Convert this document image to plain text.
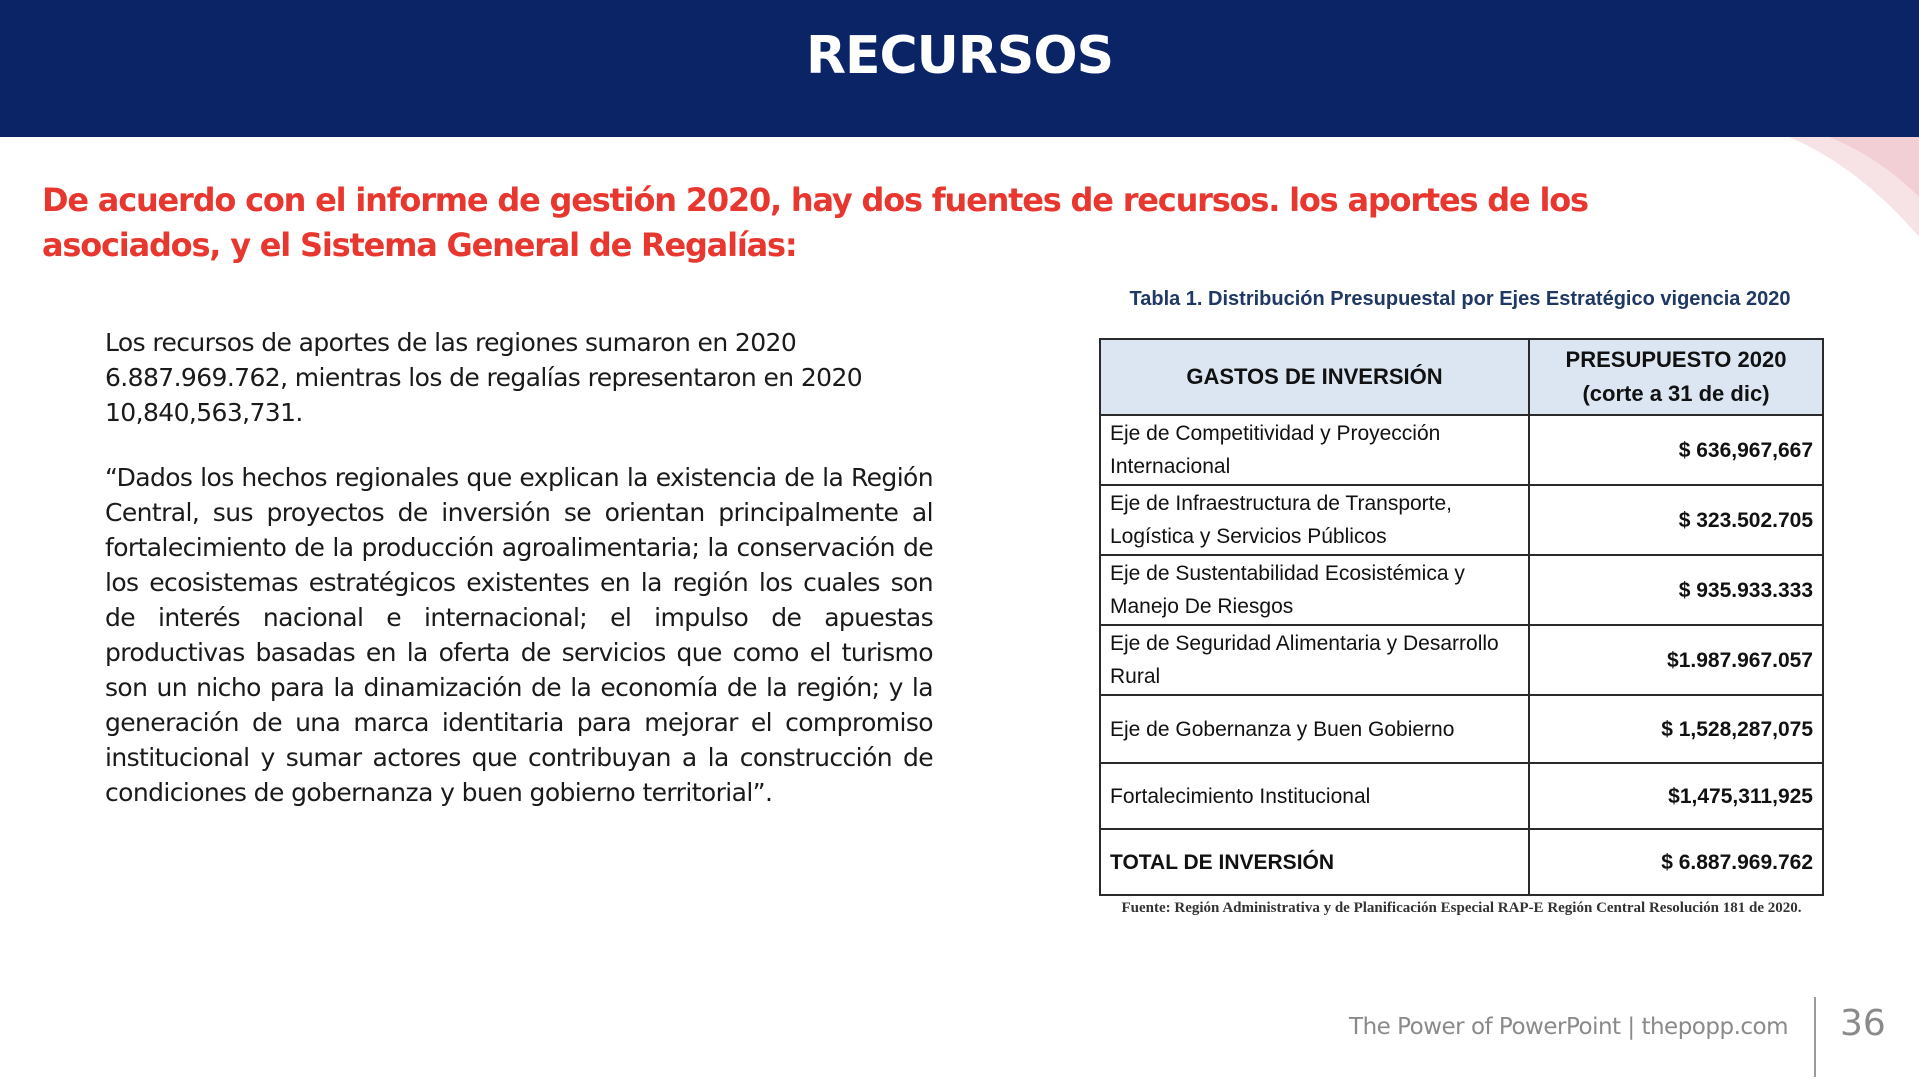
RECURSOS
De acuerdo con el informe de gestión 2020, hay dos fuentes de recursos. los aportes de los asociados, y el Sistema General de Regalías:
Los recursos de aportes de las regiones sumaron en 2020 6.887.969.762, mientras los de regalías representaron en 2020 10,840,563,731.
“Dados los hechos regionales que explican la existencia de la Región Central, sus proyectos de inversión se orientan principalmente al fortalecimiento de la producción agroalimentaria; la conservación de los ecosistemas estratégicos existentes en la región los cuales son de interés nacional e internacional; el impulso de apuestas productivas basadas en la oferta de servicios que como el turismo son un nicho para la dinamización de la economía de la región; y la generación de una marca identitaria para mejorar el compromiso institucional y sumar actores que contribuyan a la construcción de condiciones de gobernanza y buen gobierno territorial”.
Tabla 1. Distribución Presupuestal por Ejes Estratégico vigencia 2020
GASTOS DE INVERSIÓN	PRESUPUESTO 2020
(corte a 31 de dic)
Eje de Competitividad y Proyección Internacional	$ 636,967,667
Eje de Infraestructura de Transporte, Logística y Servicios Públicos	$ 323.502.705
Eje de Sustentabilidad Ecosistémica y Manejo De Riesgos	$ 935.933.333
Eje de Seguridad Alimentaria y Desarrollo Rural	$1.987.967.057
Eje de Gobernanza y Buen Gobierno	$ 1,528,287,075
Fortalecimiento Institucional	$1,475,311,925
TOTAL DE INVERSIÓN	$ 6.887.969.762
Fuente: Región Administrativa y de Planificación Especial RAP-E Región Central Resolución 181 de 2020.
The Power of PowerPoint | thepopp.com 36
